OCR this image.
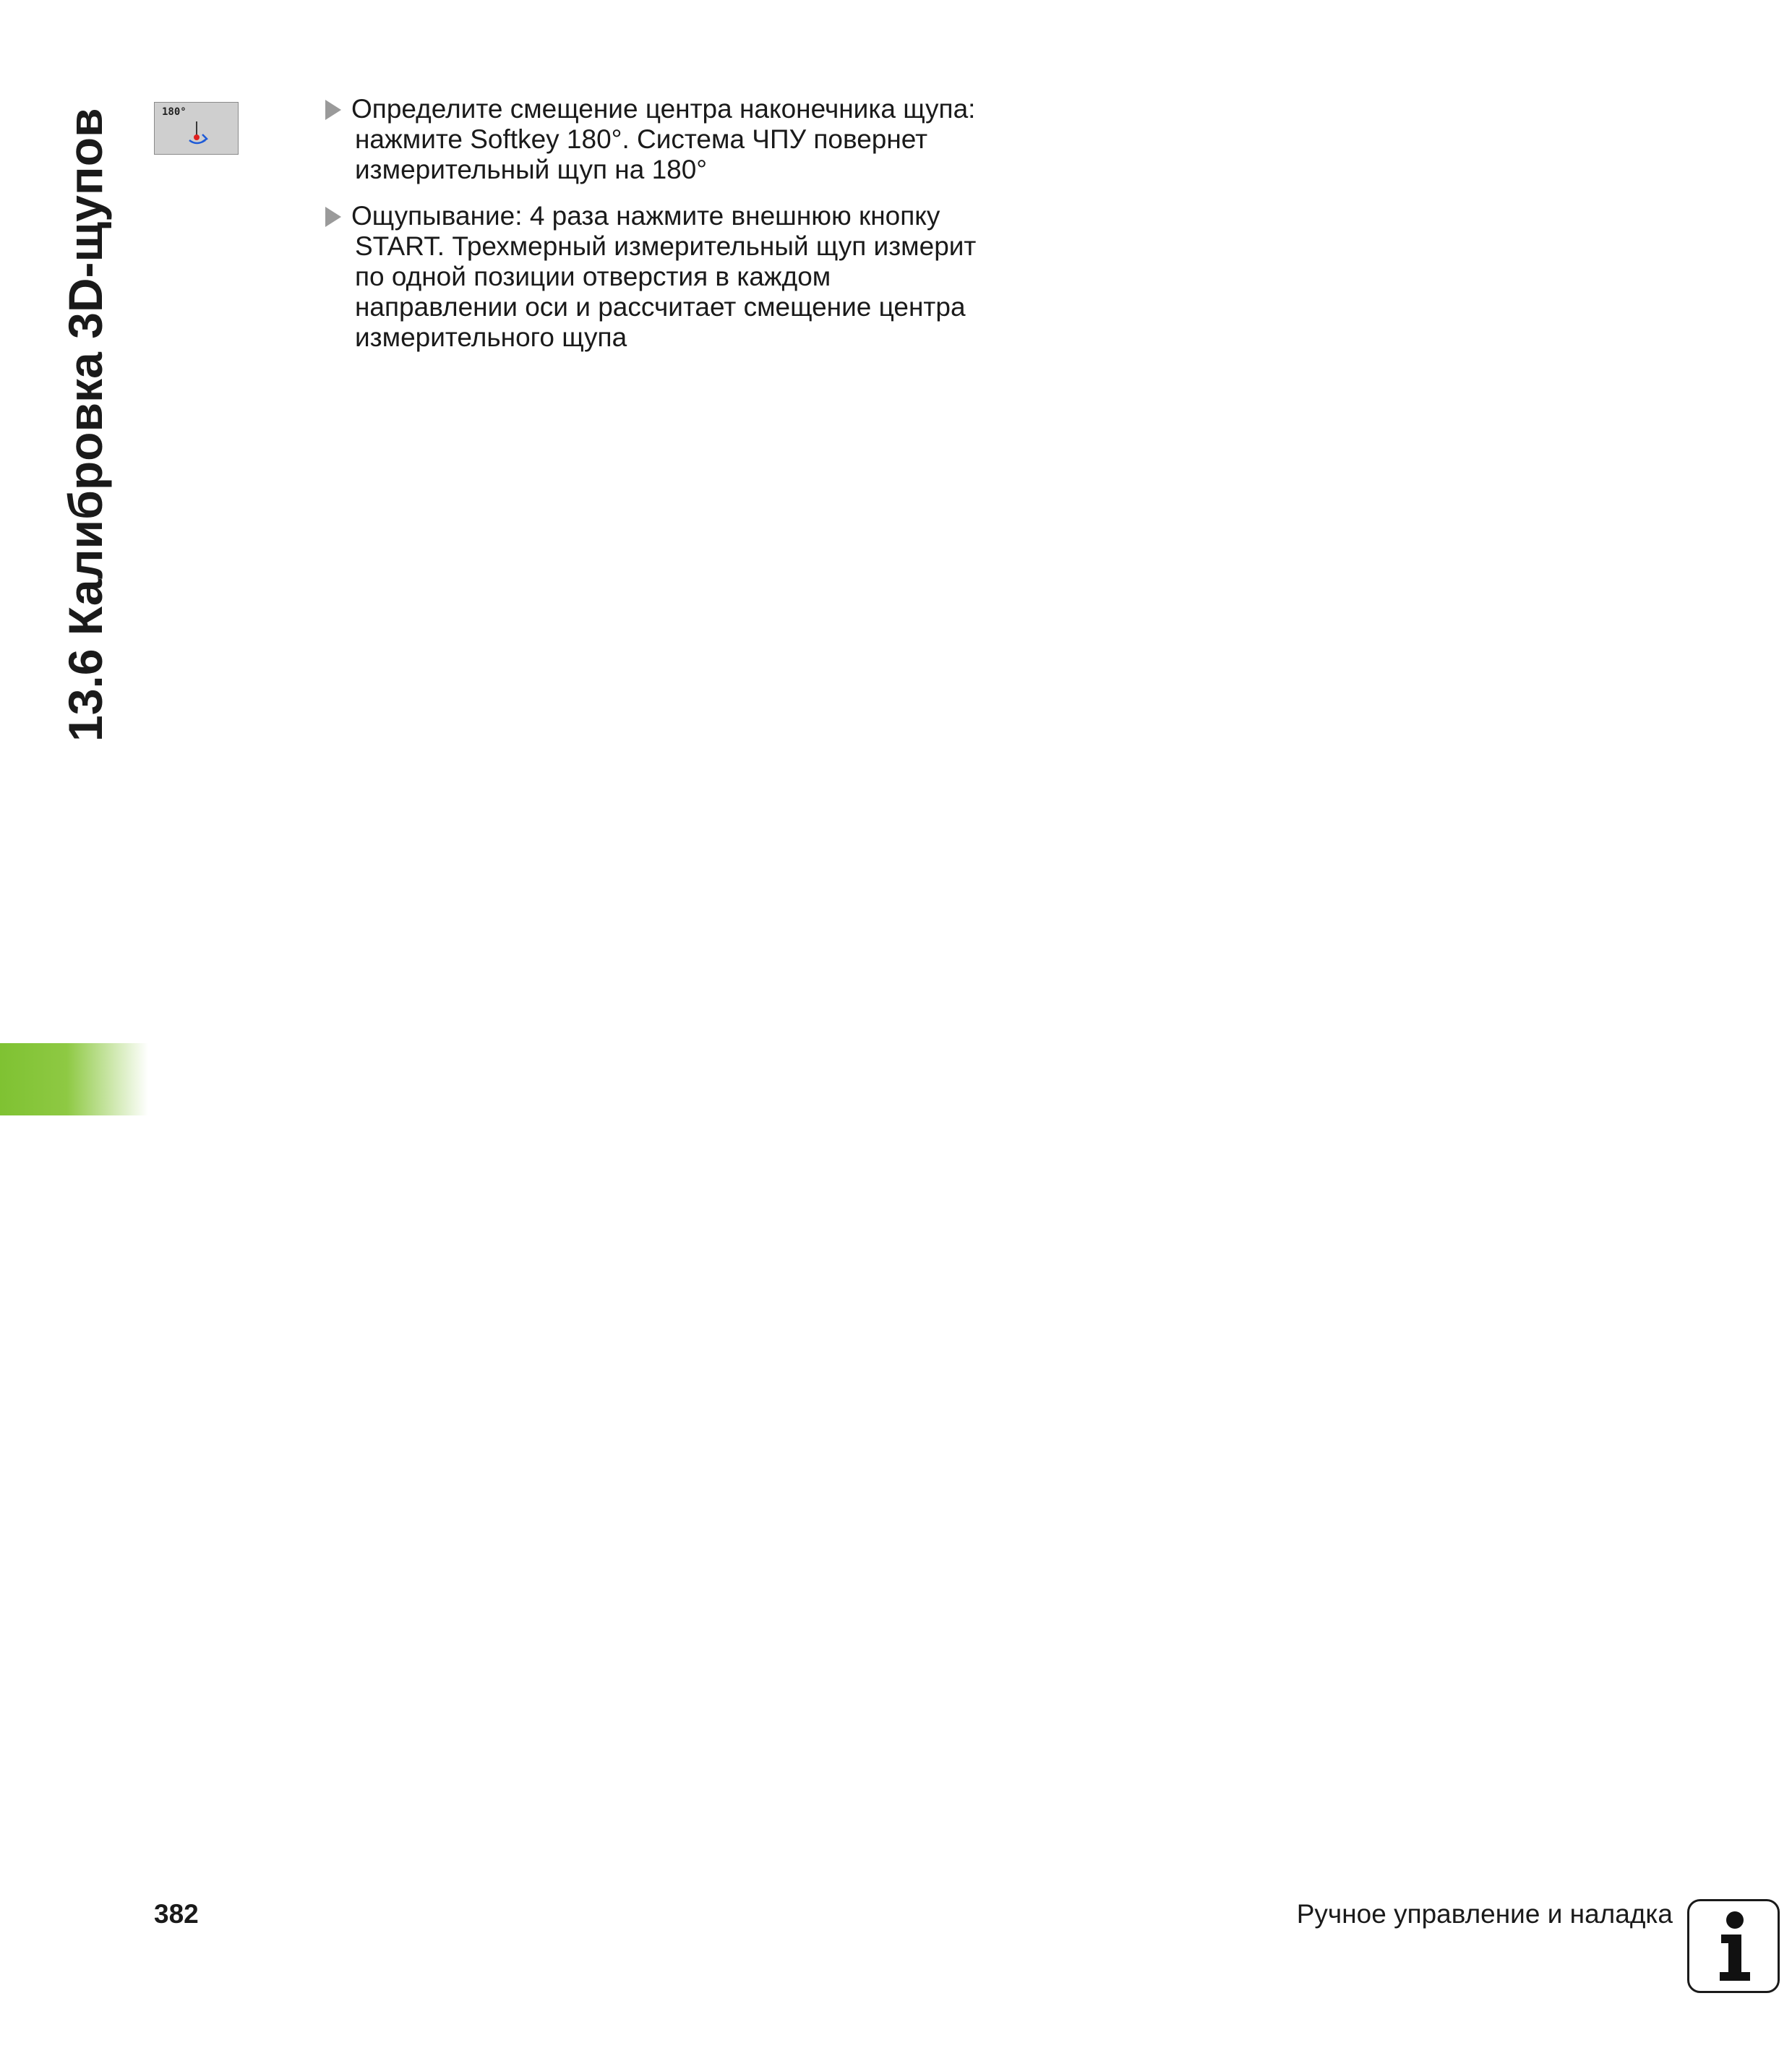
13.6 Калибровка 3D-щупов	180°	Определите смещение центра наконечника щупа:
нажмите Softkey 180°. Система ЧПУ повернет
измерительный щуп на 180°
Ощупывание: 4 раза нажмите внешнюю кнопку
START. Трехмерный измерительный щуп измерит
по одной позиции отверстия в каждом
направлении оси и рассчитает смещение центра
измерительного щупа
382	Ручное управление и наладка
